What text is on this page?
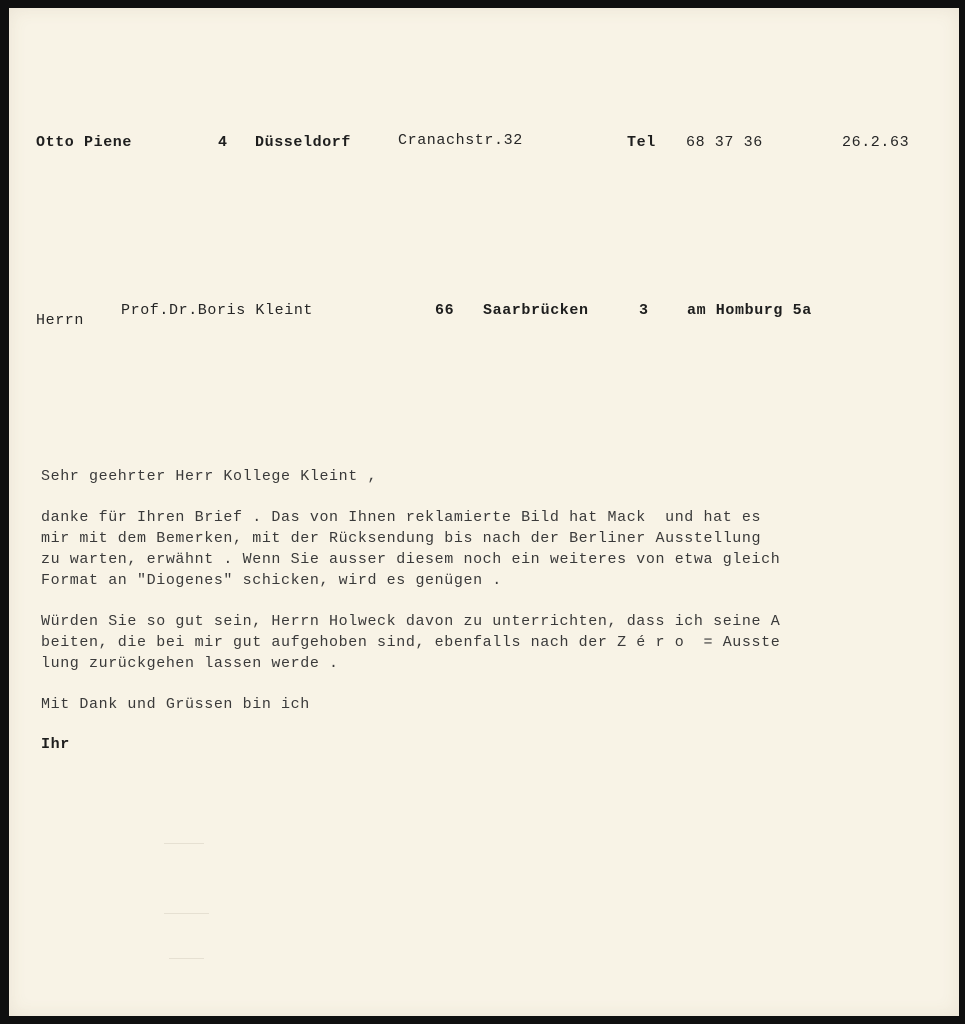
Otto Piene	4 Düsseldorf	Cranachstr.32	Tel 68 37 36	26.2.63
Herrn
Prof.Dr.Boris Kleint	66 Saarbrücken	3	am Homburg 5a
Sehr geehrter Herr Kollege Kleint ,
danke für Ihren Brief . Das von Ihnen reklamierte Bild hat Mack  und hat es
mir mit dem Bemerken, mit der Rücksendung bis nach der Berliner Ausstellung
zu warten, erwähnt . Wenn Sie ausser diesem noch ein weiteres von etwa gleich
Format an "Diogenes" schicken, wird es genügen .
Würden Sie so gut sein, Herrn Holweck davon zu unterrichten, dass ich seine A
beiten, die bei mir gut aufgehoben sind, ebenfalls nach der Z é r o  = Ausste
lung zurückgehen lassen werde .
Mit Dank und Grüssen bin ich
Ihr
